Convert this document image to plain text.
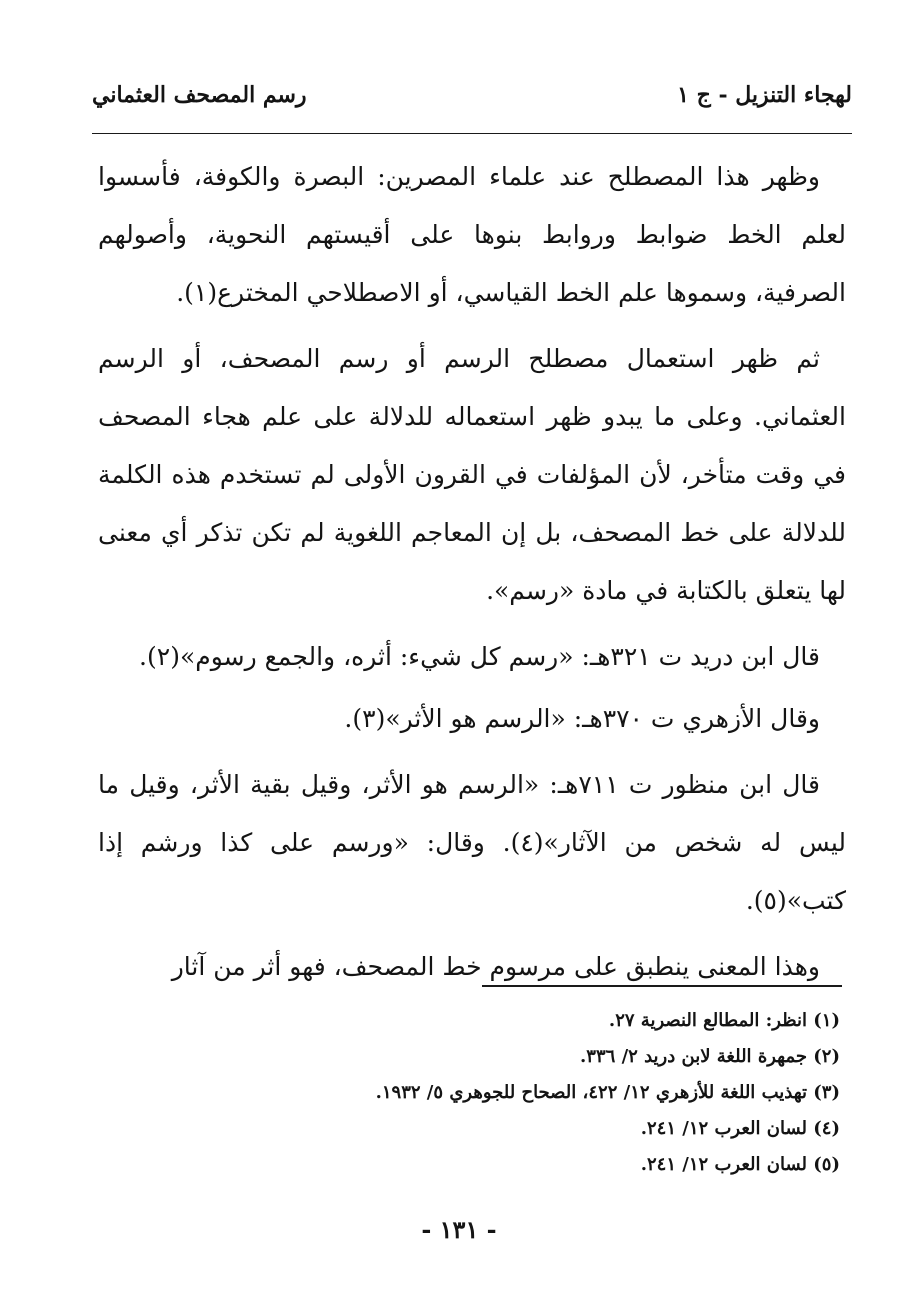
لهجاء التنزيل - ج ١
رسم المصحف العثماني

وظهر هذا المصطلح عند علماء المصرين: البصرة والكوفة، فأسسوا لعلم الخط ضوابط وروابط بنوها على أقيستهم النحوية، وأصولهم الصرفية، وسموها علم الخط القياسي، أو الاصطلاحي المخترع(١).

ثم ظهر استعمال مصطلح الرسم أو رسم المصحف، أو الرسم العثماني. وعلى ما يبدو ظهر استعماله للدلالة على علم هجاء المصحف في وقت متأخر، لأن المؤلفات في القرون الأولى لم تستخدم هذه الكلمة للدلالة على خط المصحف، بل إن المعاجم اللغوية لم تكن تذكر أي معنى لها يتعلق بالكتابة في مادة «رسم».

قال ابن دريد ت ٣٢١هـ: «رسم كل شيء: أثره، والجمع رسوم»(٢).

وقال الأزهري ت ٣٧٠هـ: «الرسم هو الأثر»(٣).

قال ابن منظور ت ٧١١هـ: «الرسم هو الأثر، وقيل بقية الأثر، وقيل ما ليس له شخص من الآثار»(٤). وقال: «ورسم على كذا ورشم إذا كتب»(٥).

وهذا المعنى ينطبق على مرسوم خط المصحف، فهو أثر من آثار

(١) انظر: المطالع النصرية ٢٧.
(٢) جمهرة اللغة لابن دريد ٢/ ٣٣٦.
(٣) تهذيب اللغة للأزهري ١٢/ ٤٢٢، الصحاح للجوهري ٥/ ١٩٣٢.
(٤) لسان العرب ١٢/ ٢٤١.
(٥) لسان العرب ١٢/ ٢٤١.
- ١٣١ -
